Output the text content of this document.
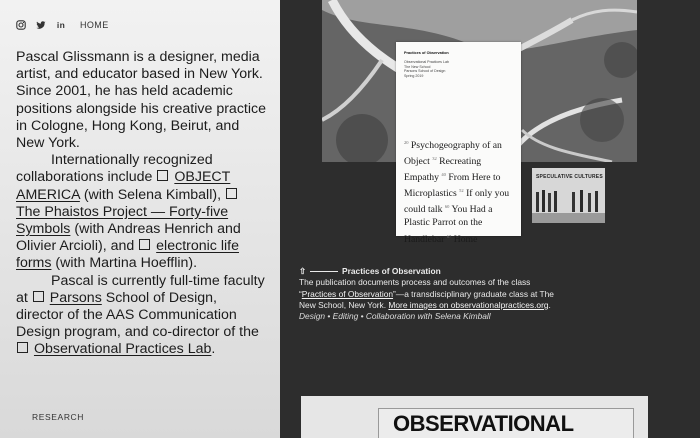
in HOME

Pascal Glissmann is a designer, media artist, and educator based in New York. Since 2001, he has held academic positions alongside his creative practice in Cologne, Hong Kong, Beirut, and New York.

Internationally recognized collaborations include OBJECT AMERICA (with Selena Kimball),  The Phaistos Project — Forty-five Symbols (with Andreas Henrich and Olivier Arcioli), and electronic life forms (with Martina Hoefflin).

Pascal is currently full-time faculty at Parsons School of Design, director of the AAS Communication Design program, and co-director of the  Observational Practices Lab.

RESEARCH
Practices of Observation

Observational Practices Lab
The New School
Parsons School of Design
Spring 2019
$^{20}$ Psychogeography of an Object $^{32}$ Recreating Empathy $^{40}$ From Here to Microplastics $^{52}$ If only you could talk $^{60}$ You Had a Plastic Parrot on the Handlebar $^{67}$ Home
SPECULATIVE CULTURES
⇧	Practices of Observation
The publication documents process and outcomes of the class “Practices of Observation”—a transdisciplinary graduate class at The New School, New York. More images on observationalpractices.org.
Design • Editing • Collaboration with Selena Kimball
OBSERVATIONAL
